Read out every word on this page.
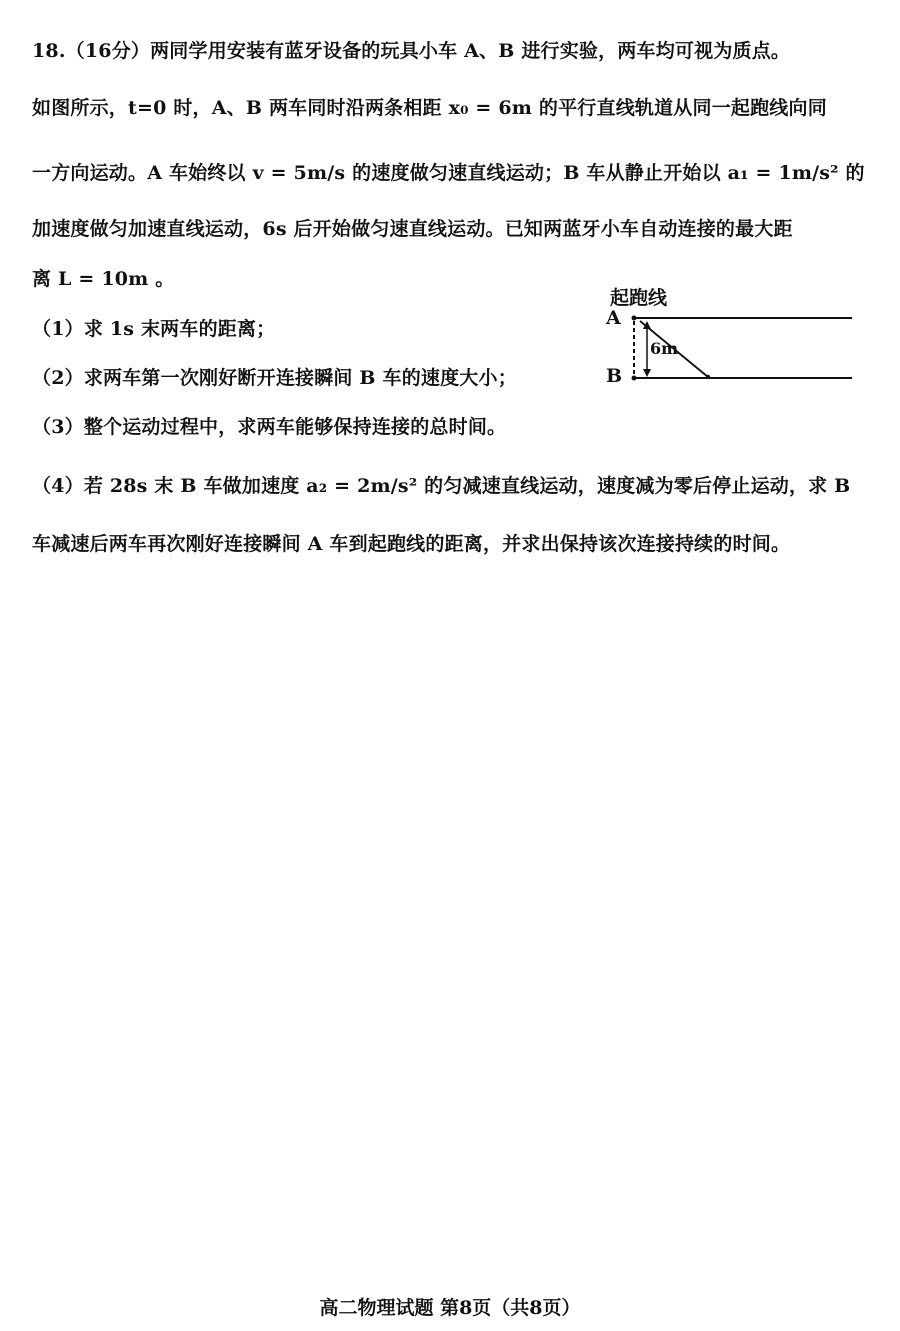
18.（16分）两同学用安装有蓝牙设备的玩具小车 A、B 进行实验，两车均可视为质点。
如图所示，t=0 时，A、B 两车同时沿两条相距 x₀ = 6m 的平行直线轨道从同一起跑线向同
一方向运动。A 车始终以 v = 5m/s 的速度做匀速直线运动；B 车从静止开始以 a₁ = 1m/s² 的
加速度做匀加速直线运动，6s 后开始做匀速直线运动。已知两蓝牙小车自动连接的最大距
离 L = 10m 。
（1）求 1s 末两车的距离；
（2）求两车第一次刚好断开连接瞬间 B 车的速度大小；
（3）整个运动过程中，求两车能够保持连接的总时间。
（4）若 28s 末 B 车做加速度 a₂ = 2m/s² 的匀减速直线运动，速度减为零后停止运动，求 B
车减速后两车再次刚好连接瞬间 A 车到起跑线的距离，并求出保持该次连接持续的时间。
起跑线
A
B
6m
高二物理试题 第8页（共8页）
